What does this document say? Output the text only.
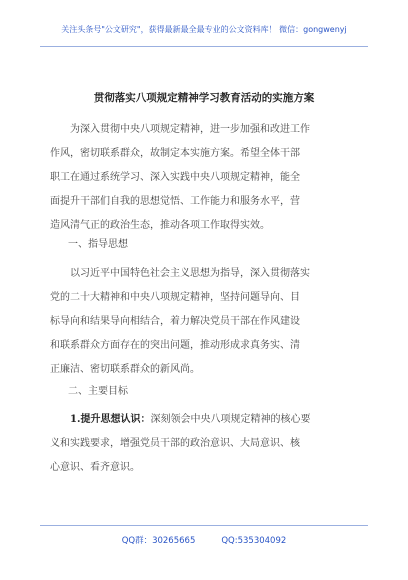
关注头条号"公文研究"，获得最新最全最专业的公文资料库！ 微信：gongwenyj
贯彻落实八项规定精神学习教育活动的实施方案
为深入贯彻中央八项规定精神，进一步加强和改进工作
作风，密切联系群众，故制定本实施方案。希望全体干部
职工在通过系统学习、深入实践中央八项规定精神，能全
面提升干部们自我的思想觉悟、工作能力和服务水平，营
造风清气正的政治生态，推动各项工作取得实效。
一、指导思想
以习近平中国特色社会主义思想为指导，深入贯彻落实
党的二十大精神和中央八项规定精神，坚持问题导向、目
标导向和结果导向相结合，着力解决党员干部在作风建设
和联系群众方面存在的突出问题，推动形成求真务实、清
正廉洁、密切联系群众的新风尚。
二、主要目标
1.提升思想认识：深刻领会中央八项规定精神的核心要
义和实践要求，增强党员干部的政治意识、大局意识、核
心意识、看齐意识。
QQ群：30265665	QQ:535304092
